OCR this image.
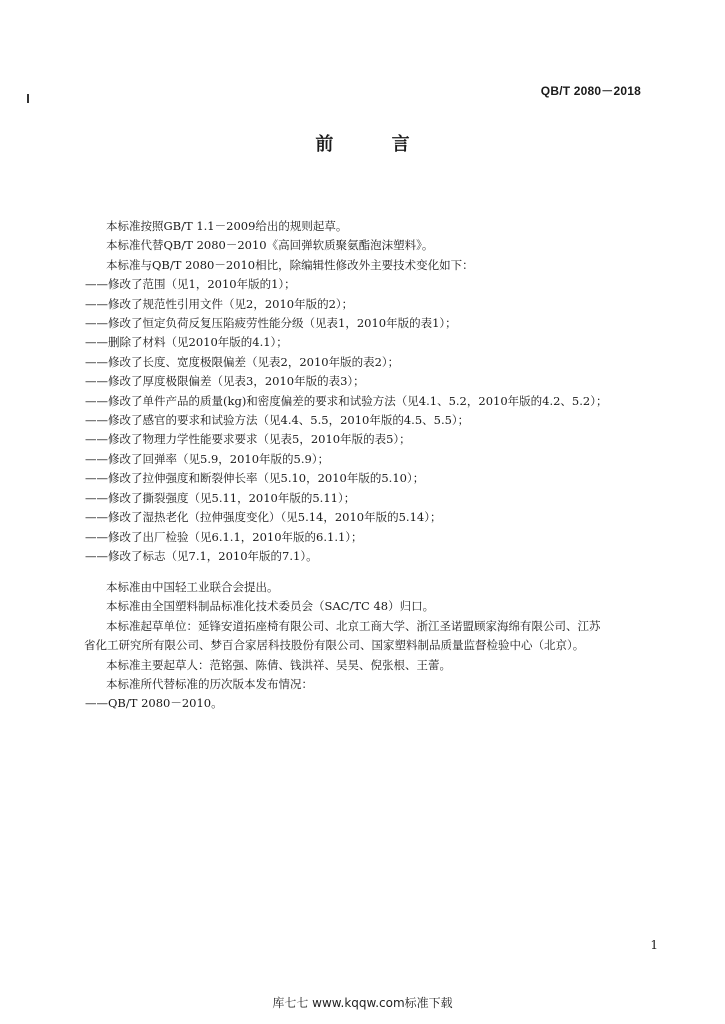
QB/T 2080－2018
前 言

本标准按照GB/T 1.1－2009给出的规则起草。

本标准代替QB/T 2080－2010《高回弹软质聚氨酯泡沫塑料》。

本标准与QB/T 2080－2010相比，除编辑性修改外主要技术变化如下：

——修改了范围（见1，2010年版的1）；

——修改了规范性引用文件（见2，2010年版的2）；

——修改了恒定负荷反复压陷疲劳性能分级（见表1，2010年版的表1）；

——删除了材料（见2010年版的4.1）；

——修改了长度、宽度极限偏差（见表2，2010年版的表2）；

——修改了厚度极限偏差（见表3，2010年版的表3）；

——修改了单件产品的质量(kg)和密度偏差的要求和试验方法（见4.1、5.2，2010年版的4.2、5.2）；

——修改了感官的要求和试验方法（见4.4、5.5，2010年版的4.5、5.5）；

——修改了物理力学性能要求要求（见表5，2010年版的表5）；

——修改了回弹率（见5.9，2010年版的5.9）；

——修改了拉伸强度和断裂伸长率（见5.10，2010年版的5.10）；

——修改了撕裂强度（见5.11，2010年版的5.11）；

——修改了湿热老化（拉伸强度变化）（见5.14，2010年版的5.14）；

——修改了出厂检验（见6.1.1，2010年版的6.1.1）；

——修改了标志（见7.1，2010年版的7.1）。

本标准由中国轻工业联合会提出。

本标准由全国塑料制品标准化技术委员会（SAC/TC 48）归口。

本标准起草单位：延锋安道拓座椅有限公司、北京工商大学、浙江圣诺盟顾家海绵有限公司、江苏

省化工研究所有限公司、梦百合家居科技股份有限公司、国家塑料制品质量监督检验中心（北京）。

本标准主要起草人：范铭强、陈倩、钱洪祥、吴昊、倪张根、王蕾。

本标准所代替标准的历次版本发布情况：

——QB/T 2080－2010。

1
库七七 www.kqqw.com标准下载
